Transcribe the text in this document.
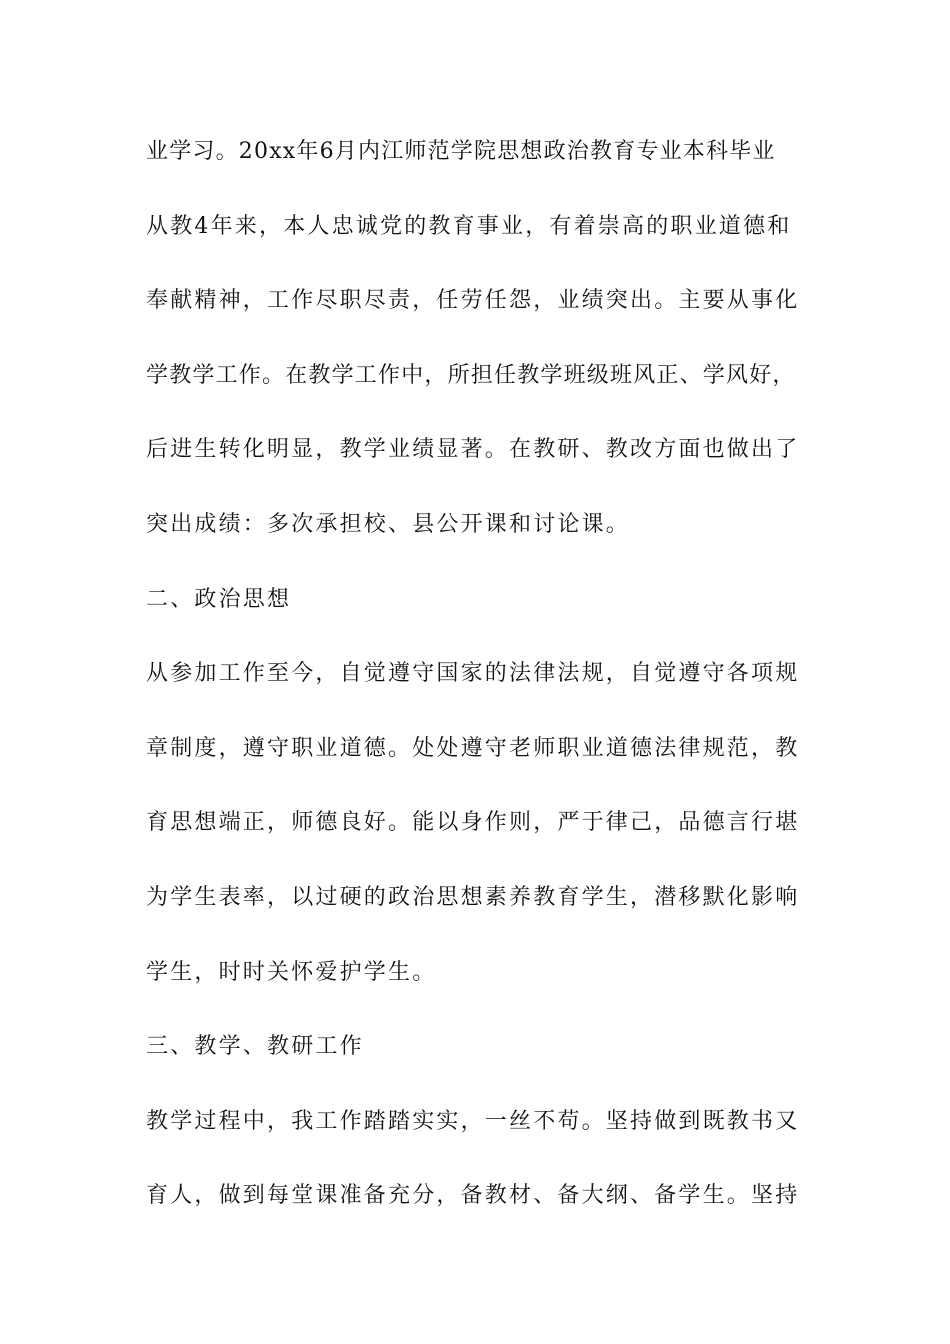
业学习。20xx年6月内江师范学院思想政治教育专业本科毕业
从教4年来，本人忠诚党的教育事业，有着崇高的职业道德和
奉献精神，工作尽职尽责，任劳任怨，业绩突出。主要从事化
学教学工作。在教学工作中，所担任教学班级班风正、学风好，
后进生转化明显，教学业绩显著。在教研、教改方面也做出了
突出成绩：多次承担校、县公开课和讨论课。
二、政治思想
从参加工作至今，自觉遵守国家的法律法规，自觉遵守各项规
章制度，遵守职业道德。处处遵守老师职业道德法律规范，教
育思想端正，师德良好。能以身作则，严于律己，品德言行堪
为学生表率，以过硬的政治思想素养教育学生，潜移默化影响
学生，时时关怀爱护学生。
三、教学、教研工作
教学过程中，我工作踏踏实实，一丝不苟。坚持做到既教书又
育人，做到每堂课准备充分，备教材、备大纲、备学生。坚持
